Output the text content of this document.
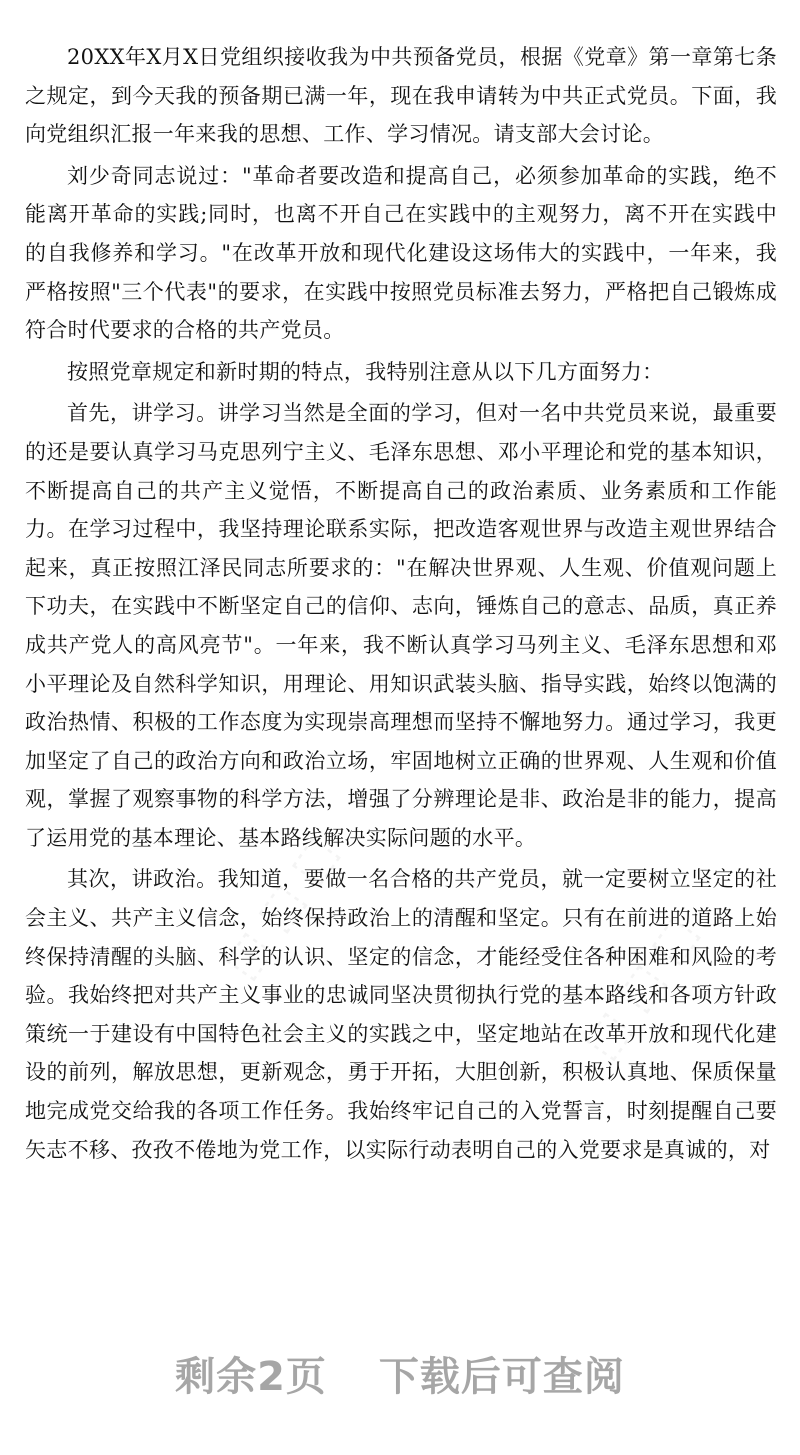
⬚ ⬚ ⬚
⬚ ⬚ ⬚

20XX年X月X日党组织接收我为中共预备党员，根据《党章》第一章第七条之规定，到今天我的预备期已满一年，现在我申请转为中共正式党员。下面，我向党组织汇报一年来我的思想、工作、学习情况。请支部大会讨论。

刘少奇同志说过："革命者要改造和提高自己，必须参加革命的实践，绝不能离开革命的实践;同时，也离不开自己在实践中的主观努力，离不开在实践中的自我修养和学习。"在改革开放和现代化建设这场伟大的实践中，一年来，我严格按照"三个代表"的要求，在实践中按照党员标准去努力，严格把自己锻炼成符合时代要求的合格的共产党员。

按照党章规定和新时期的特点，我特别注意从以下几方面努力：

首先，讲学习。讲学习当然是全面的学习，但对一名中共党员来说，最重要的还是要认真学习马克思列宁主义、毛泽东思想、邓小平理论和党的基本知识，不断提高自己的共产主义觉悟，不断提高自己的政治素质、业务素质和工作能力。在学习过程中，我坚持理论联系实际，把改造客观世界与改造主观世界结合起来，真正按照江泽民同志所要求的："在解决世界观、人生观、价值观问题上下功夫，在实践中不断坚定自己的信仰、志向，锤炼自己的意志、品质，真正养成共产党人的高风亮节"。一年来，我不断认真学习马列主义、毛泽东思想和邓小平理论及自然科学知识，用理论、用知识武装头脑、指导实践，始终以饱满的政治热情、积极的工作态度为实现崇高理想而坚持不懈地努力。通过学习，我更加坚定了自己的政治方向和政治立场，牢固地树立正确的世界观、人生观和价值观，掌握了观察事物的科学方法，增强了分辨理论是非、政治是非的能力，提高了运用党的基本理论、基本路线解决实际问题的水平。

其次，讲政治。我知道，要做一名合格的共产党员，就一定要树立坚定的社会主义、共产主义信念，始终保持政治上的清醒和坚定。只有在前进的道路上始终保持清醒的头脑、科学的认识、坚定的信念，才能经受住各种困难和风险的考验。我始终把对共产主义事业的忠诚同坚决贯彻执行党的基本路线和各项方针政策统一于建设有中国特色社会主义的实践之中，坚定地站在改革开放和现代化建设的前列，解放思想，更新观念，勇于开拓，大胆创新，积极认真地、保质保量地完成党交给我的各项工作任务。我始终牢记自己的入党誓言，时刻提醒自己要矢志不移、孜孜不倦地为党工作，以实际行动表明自己的入党要求是真诚的，对

剩余2页 下载后可查阅
